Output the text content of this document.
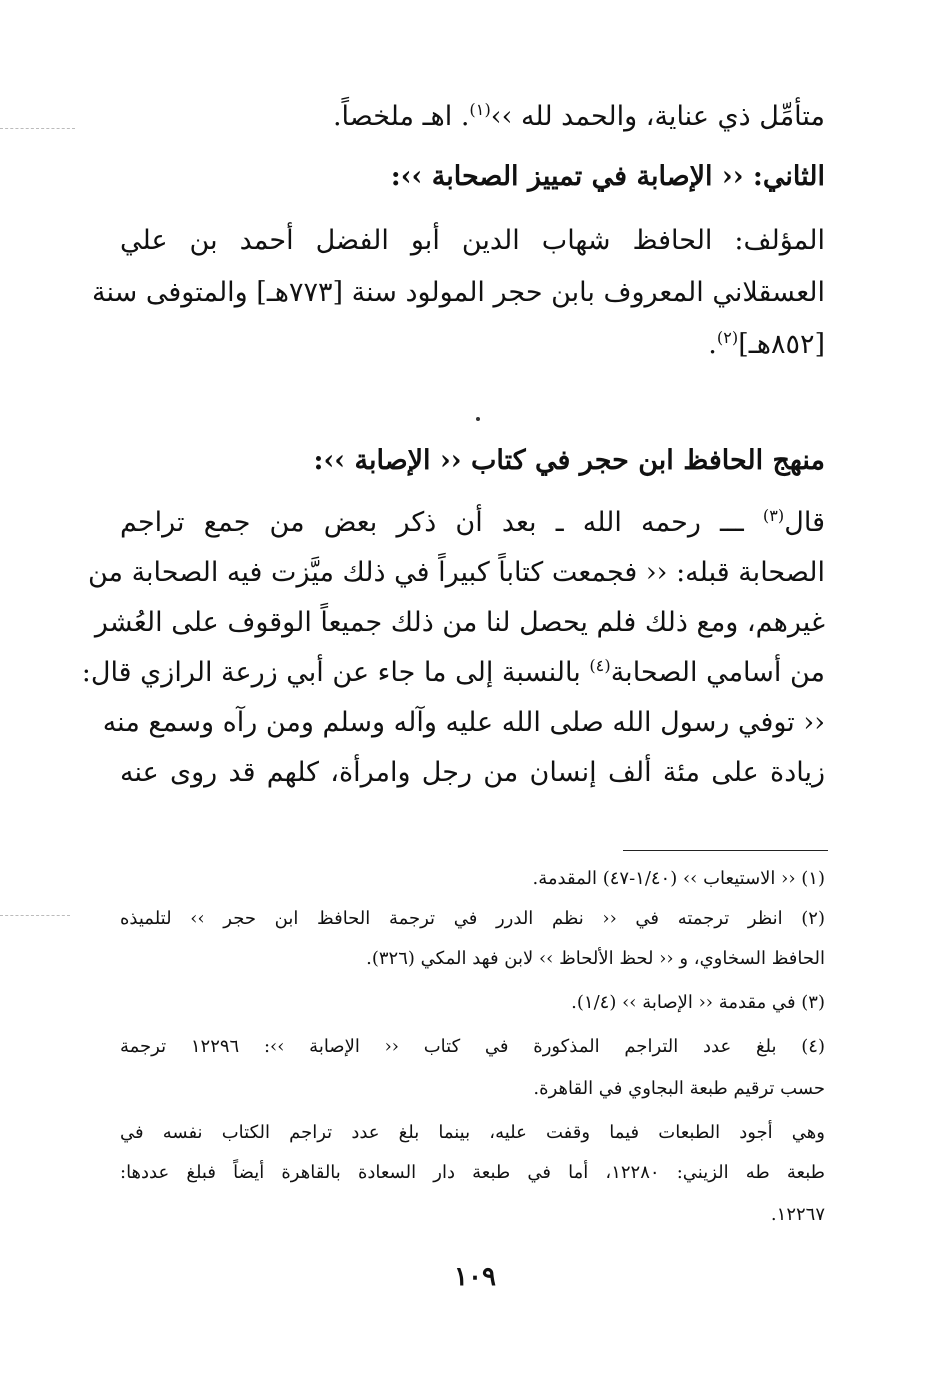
متأمِّل ذي عناية، والحمد لله ››$^{(١)}$. اهـ ملخصاً.
الثاني: ‹‹ الإصابة في تمييز الصحابة ››:
المؤلف: الحافظ شهاب الدين أبو الفضل أحمد بن علي
العسقلاني المعروف بابن حجر المولود سنة [٧٧٣هـ] والمتوفى سنة
[٨٥٢هـ]$^{(٢)}$.
منهج الحافظ ابن حجر في كتاب ‹‹ الإصابة ››:
قال$^{(٣)}$ ـــ رحمه الله ـ بعد أن ذكر بعض من جمع تراجم
الصحابة قبله: ‹‹ فجمعت كتاباً كبيراً في ذلك ميَّزت فيه الصحابة من
غيرهم، ومع ذلك فلم يحصل لنا من ذلك جميعاً الوقوف على العُشر
من أسامي الصحابة$^{(٤)}$ بالنسبة إلى ما جاء عن أبي زرعة الرازي قال:
‹‹ توفي رسول الله صلى الله عليه وآله وسلم ومن رآه وسمع منه
زيادة على مئة ألف إنسان من رجل وامرأة، كلهم قد روى عنه
(١) ‹‹ الاستيعاب ›› (١/٤٠-٤٧) المقدمة.
(٢) انظر ترجمته في ‹‹ نظم الدرر في ترجمة الحافظ ابن حجر ›› لتلميذه
الحافظ السخاوي، و ‹‹ لحظ الألحاظ ›› لابن فهد المكي (٣٢٦).
(٣) في مقدمة ‹‹ الإصابة ›› (١/٤).
(٤) بلغ عدد التراجم المذكورة في كتاب ‹‹ الإصابة ››: ١٢٢٩٦ ترجمة
حسب ترقيم طبعة البجاوي في القاهرة.
وهي أجود الطبعات فيما وقفت عليه، بينما بلغ عدد تراجم الكتاب نفسه في
طبعة طه الزيني: ١٢٢٨٠، أما في طبعة دار السعادة بالقاهرة أيضاً فبلغ عددها:
١٢٢٦٧.
١٠٩
